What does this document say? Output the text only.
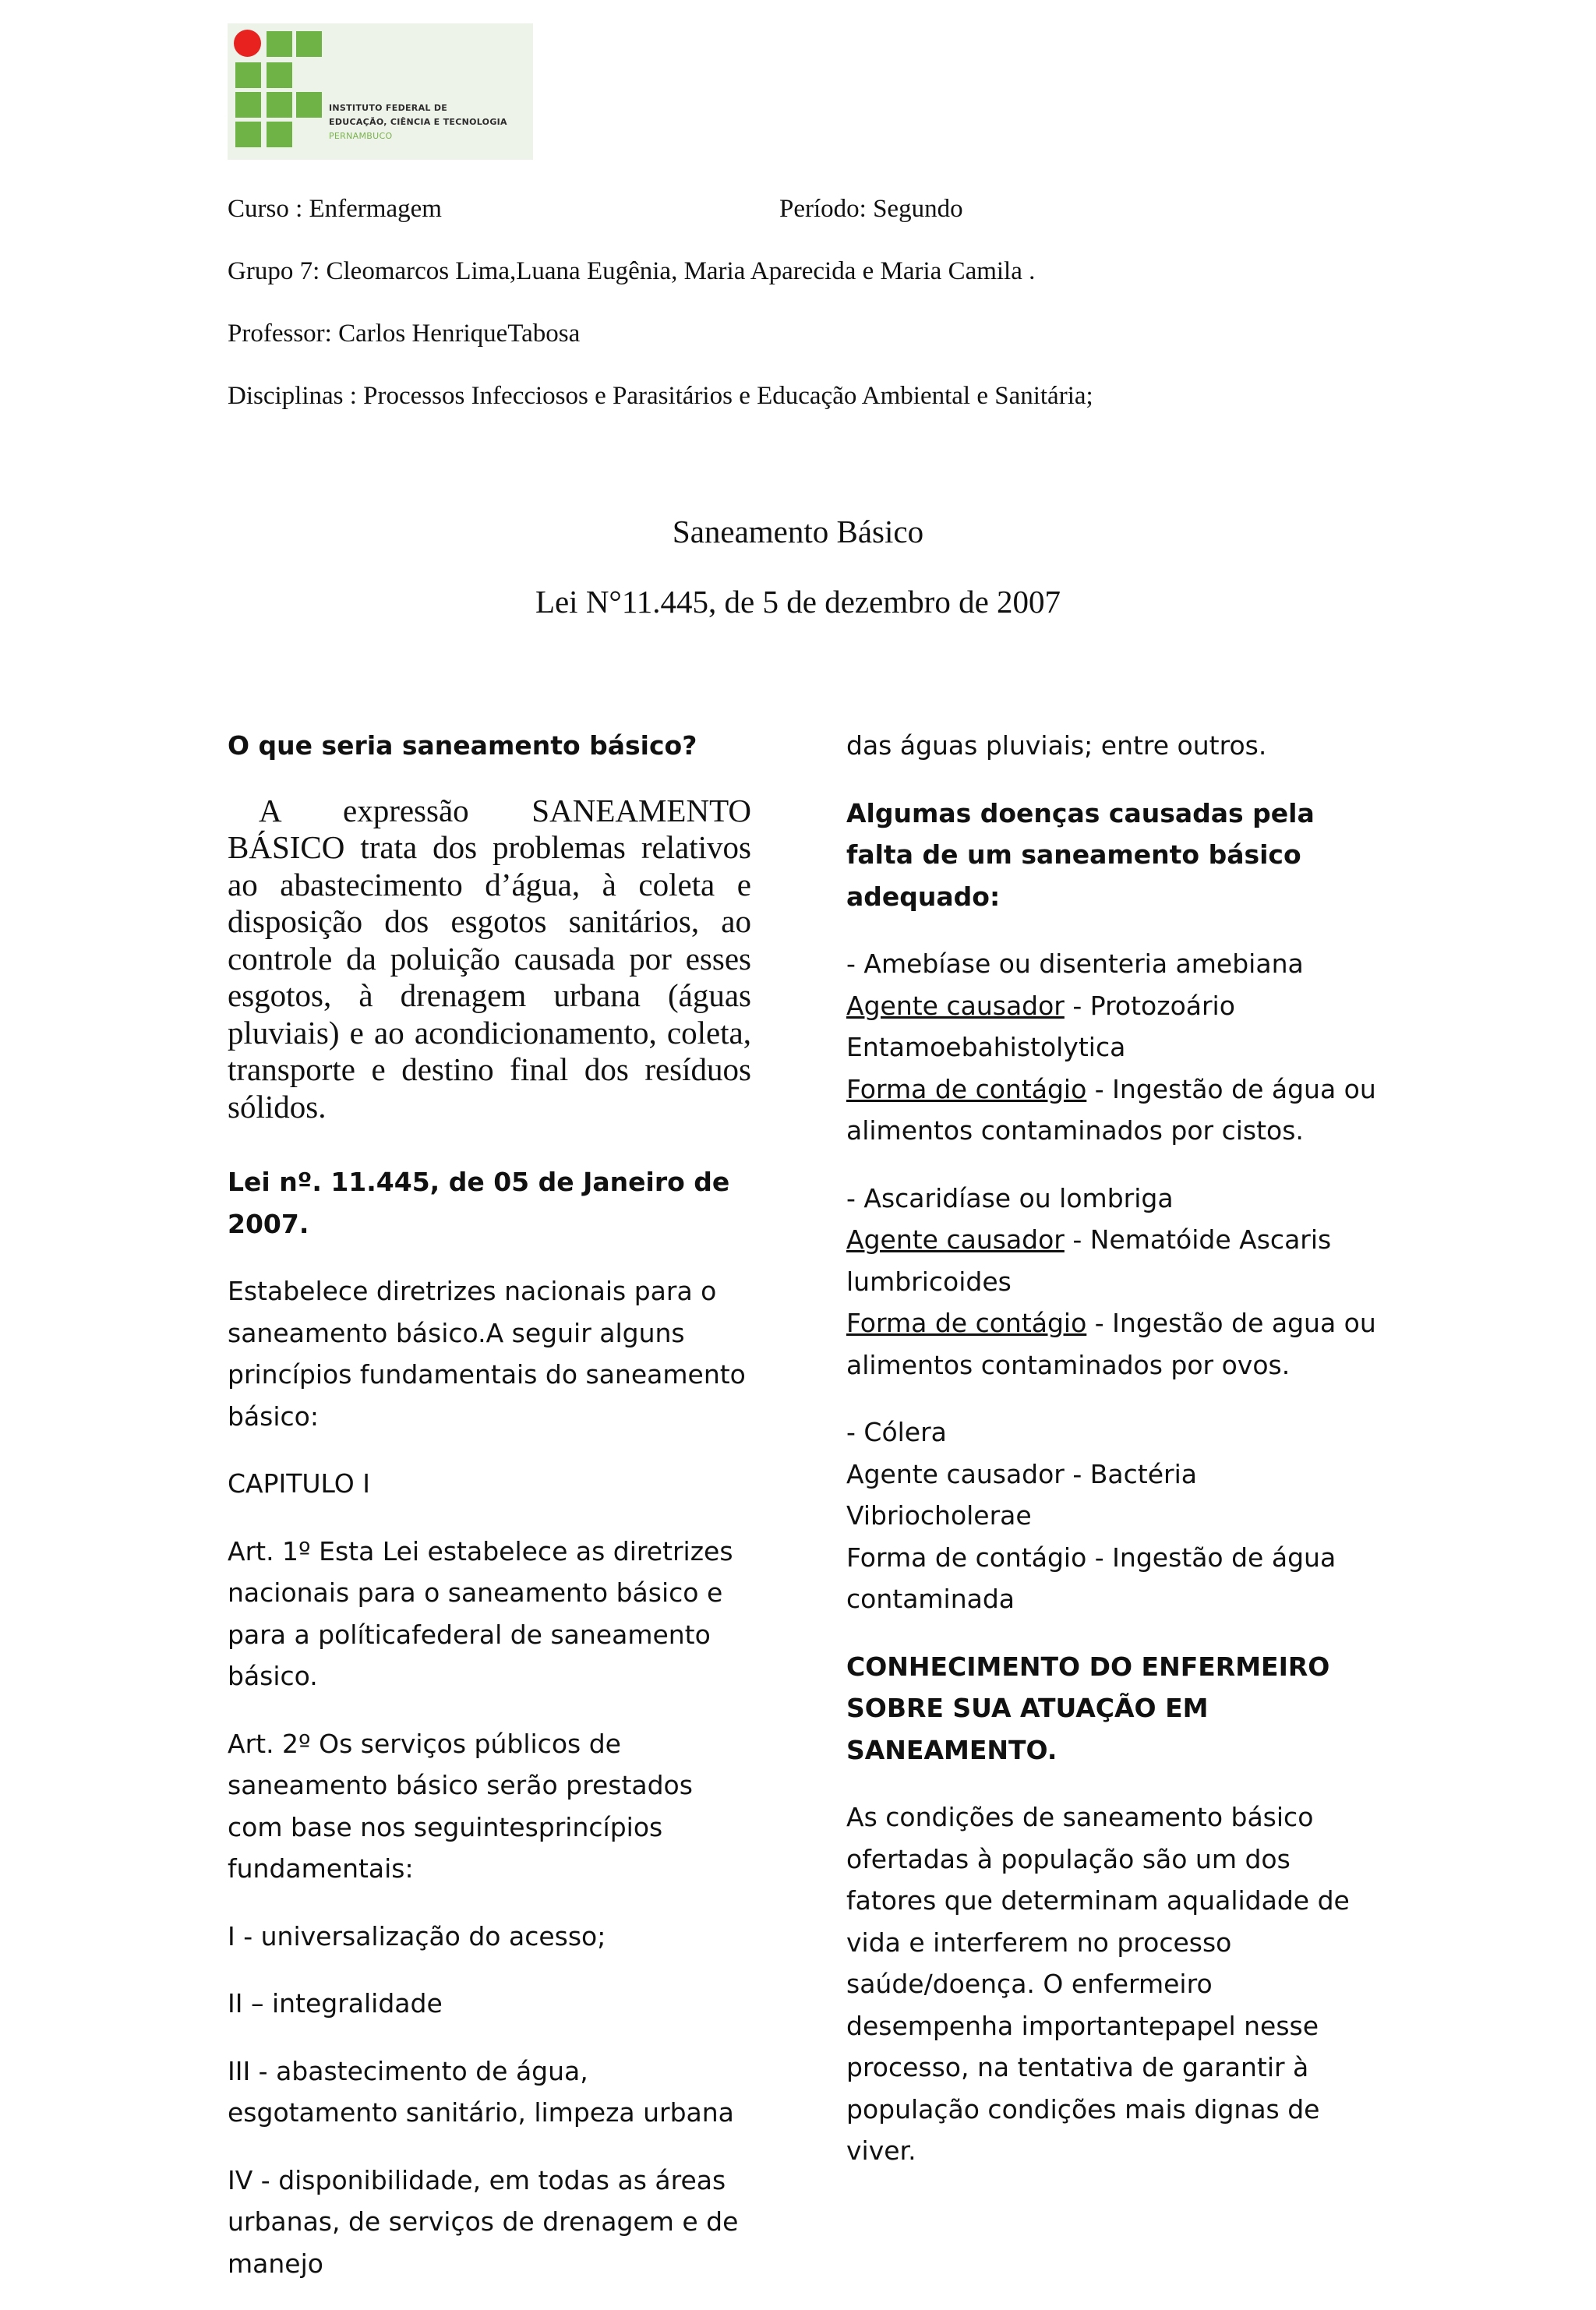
INSTITUTO FEDERAL DE
EDUCAÇÃO, CIÊNCIA E TECNOLOGIA
PERNAMBUCO
Curso : Enfermagem	Período: Segundo
Grupo 7: Cleomarcos Lima,Luana Eugênia, Maria Aparecida e Maria Camila .
Professor: Carlos HenriqueTabosa
Disciplinas : Processos Infecciosos e Parasitários e Educação Ambiental e Sanitária;
Saneamento Básico
Lei N°11.445, de 5 de dezembro de 2007

O que seria saneamento básico?

A expressão SANEAMENTO BÁSICO trata dos problemas relativos ao abastecimento d’água, à coleta e disposição dos esgotos sanitários, ao controle da poluição causada por esses esgotos, à drenagem urbana (águas pluviais) e ao acondicionamento, coleta, transporte e destino final dos resíduos sólidos.

Lei nº. 11.445, de 05 de Janeiro de 2007.

Estabelece diretrizes nacionais para o saneamento básico.A seguir alguns princípios fundamentais do saneamento básico:

CAPITULO I

Art. 1º Esta Lei estabelece as diretrizes nacionais para o saneamento básico e para a políticafederal de saneamento básico.

Art. 2º Os serviços públicos de saneamento básico serão prestados com base nos seguintesprincípios fundamentais:

I - universalização do acesso;

II – integralidade

III - abastecimento de água, esgotamento sanitário, limpeza urbana

IV - disponibilidade, em todas as áreas urbanas, de serviços de drenagem e de manejo

das águas pluviais; entre outros.

Algumas doenças causadas pela falta de um saneamento básico adequado:

- Amebíase ou disenteria amebiana
Agente causador - Protozoário Entamoebahistolytica
Forma de contágio - Ingestão de água ou alimentos contaminados por cistos.
- Ascaridíase ou lombriga
Agente causador - Nematóide Ascaris lumbricoides
Forma de contágio - Ingestão de agua ou alimentos contaminados por ovos.
- Cólera
Agente causador - Bactéria Vibriocholerae
Forma de contágio - Ingestão de água contaminada

CONHECIMENTO DO ENFERMEIRO SOBRE SUA ATUAÇÃO EM SANEAMENTO.

As condições de saneamento básico ofertadas à população são um dos fatores que determinam aqualidade de vida e interferem no processo saúde/doença. O enfermeiro desempenha importantepapel nesse processo, na tentativa de garantir à população condições mais dignas de viver.
